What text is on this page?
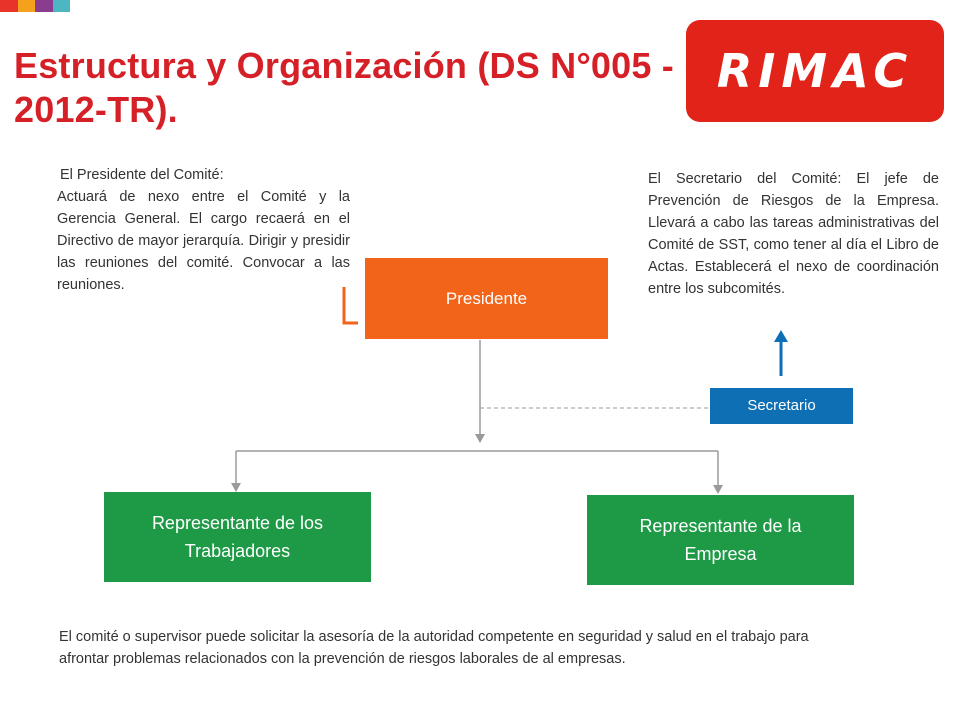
Estructura y Organización (DS N°005 - 2012-TR).
RIMAC
El Presidente del Comité:
Actuará de nexo entre el Comité y la Gerencia General. El cargo recaerá en el Directivo de mayor jerarquía. Dirigir y presidir las reuniones del comité. Convocar a las reuniones.
El Secretario del Comité: El jefe de Prevención de Riesgos de la Empresa. Llevará a cabo las tareas administrativas del Comité de SST, como tener al día el Libro de Actas. Establecerá el nexo de coordinación entre los subcomités.
Presidente
Secretario
Representante de los Trabajadores
Representante de la Empresa
El comité o supervisor puede solicitar la asesoría de la autoridad competente en seguridad y salud en el trabajo para afrontar problemas relacionados con la prevención de riesgos laborales de al empresas.
